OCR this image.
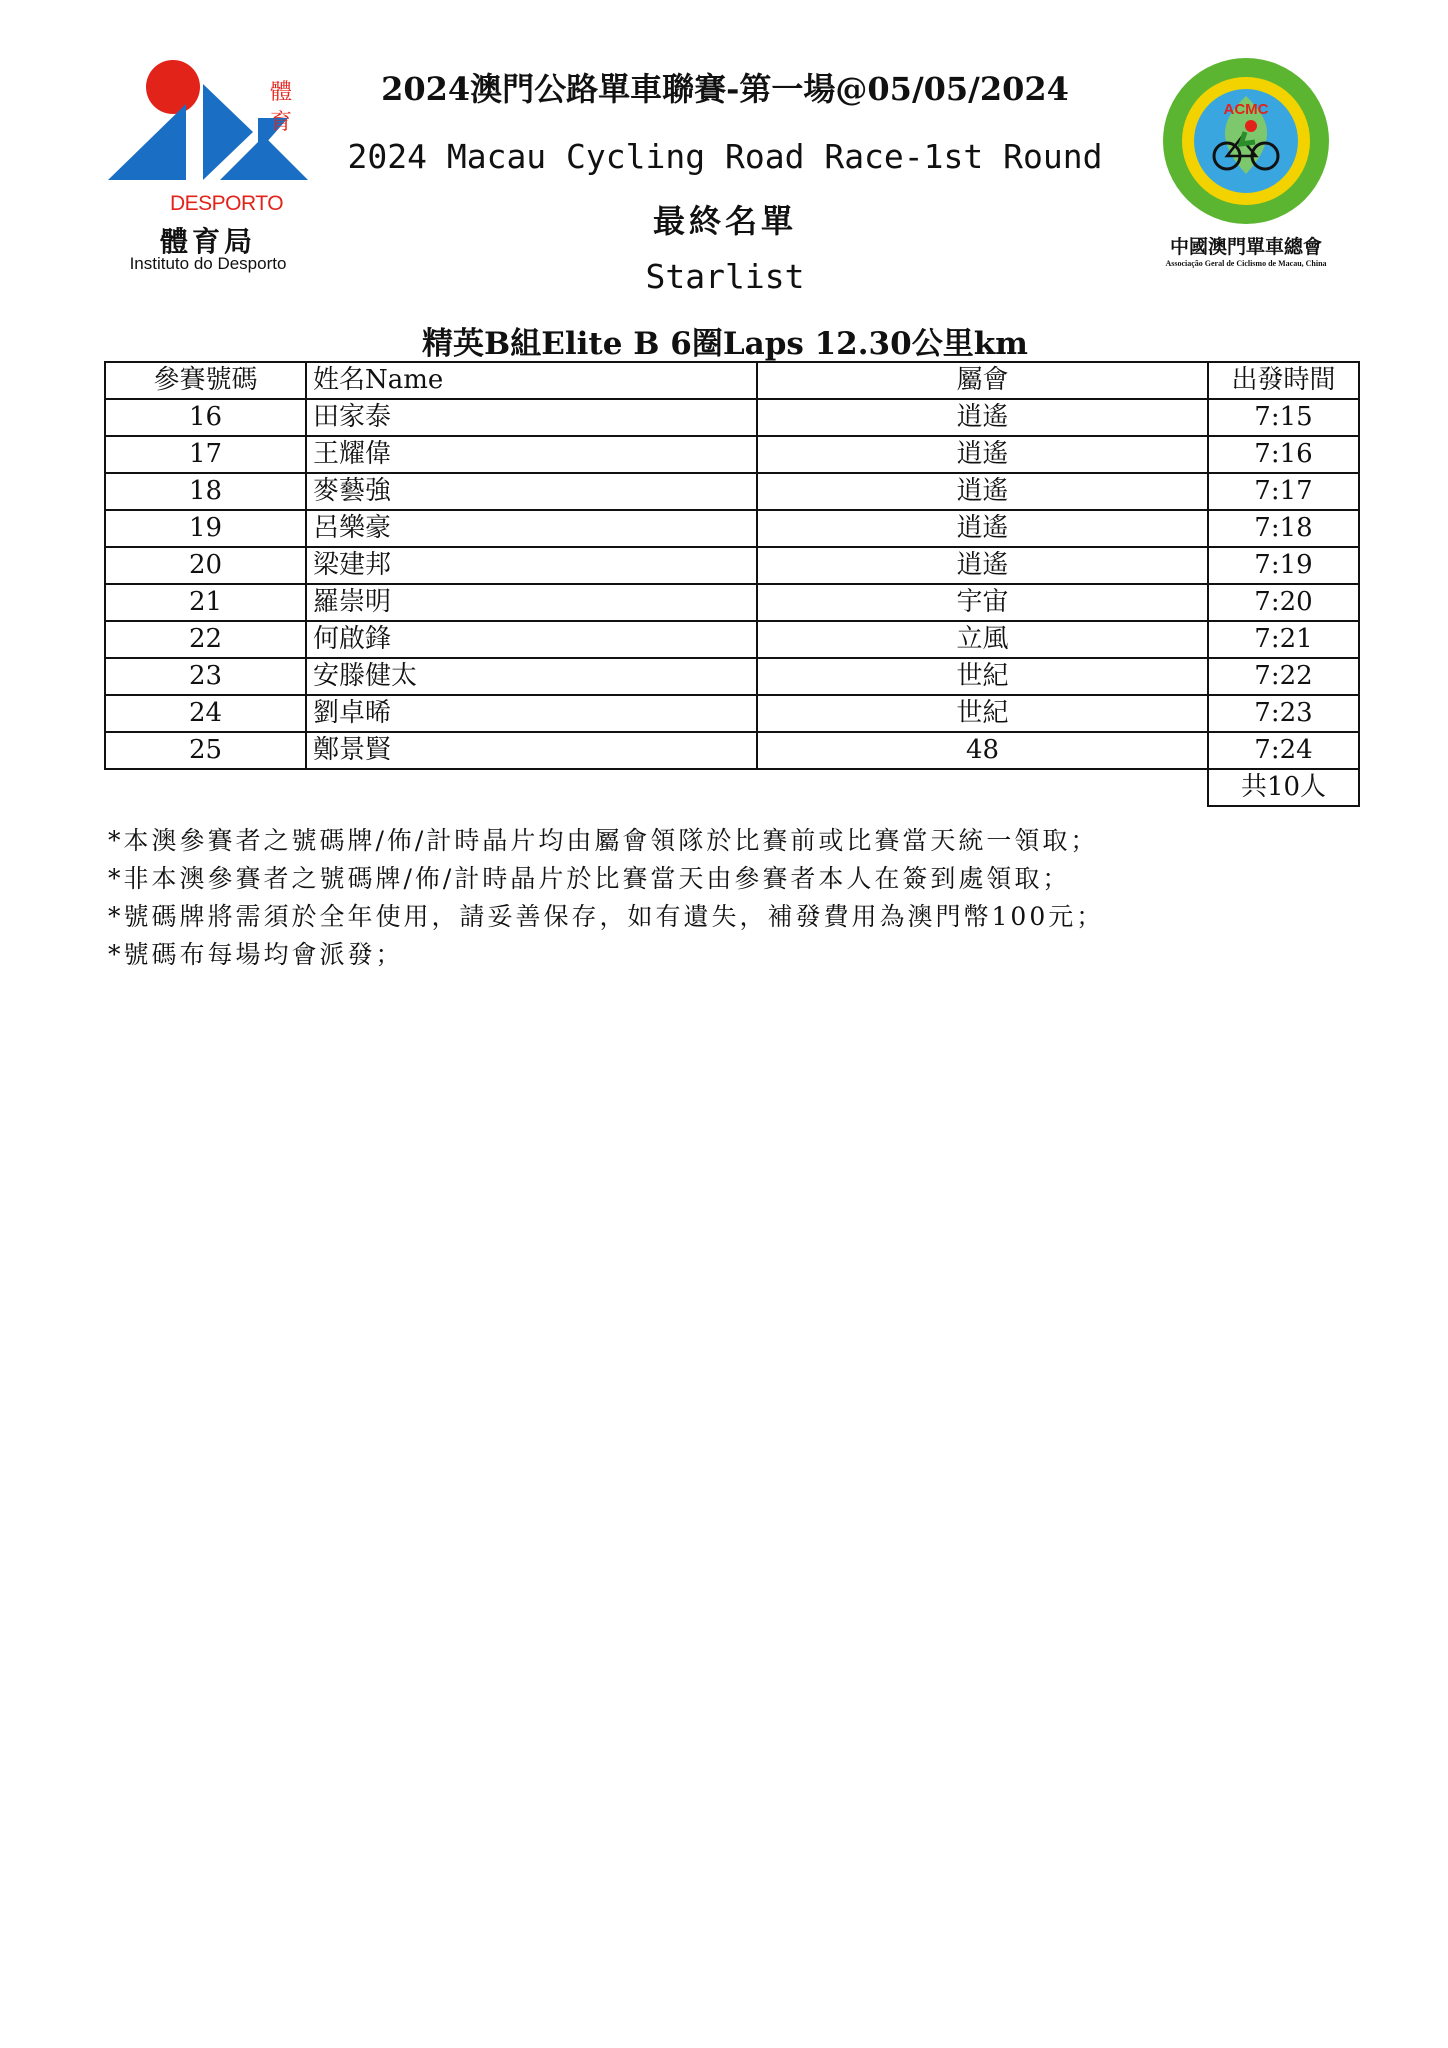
體
育
DESPORTO
體育局
Instituto do Desporto
ACMC
中國澳門單車總會
Associação Geral de Ciclismo de Macau, China
2024澳門公路單車聯賽-第一場@05/05/2024
2024 Macau Cycling Road Race-1st Round
最終名單
Starlist
精英B組Elite B 6圈Laps 12.30公里km
參賽號碼	姓名Name	屬會	出發時間
16	田家泰	逍遙	7:15
17	王耀偉	逍遙	7:16
18	麥藝強	逍遙	7:17
19	呂樂豪	逍遙	7:18
20	梁建邦	逍遙	7:19
21	羅崇明	宇宙	7:20
22	何啟鋒	立風	7:21
23	安滕健太	世紀	7:22
24	劉卓晞	世紀	7:23
25	鄭景賢	48	7:24
			共10人
*本澳參賽者之號碼牌/佈/計時晶片均由屬會領隊於比賽前或比賽當天統一領取；
*非本澳參賽者之號碼牌/佈/計時晶片於比賽當天由參賽者本人在簽到處領取；
*號碼牌將需須於全年使用，請妥善保存，如有遺失，補發費用為澳門幣100元；
*號碼布每場均會派發；
